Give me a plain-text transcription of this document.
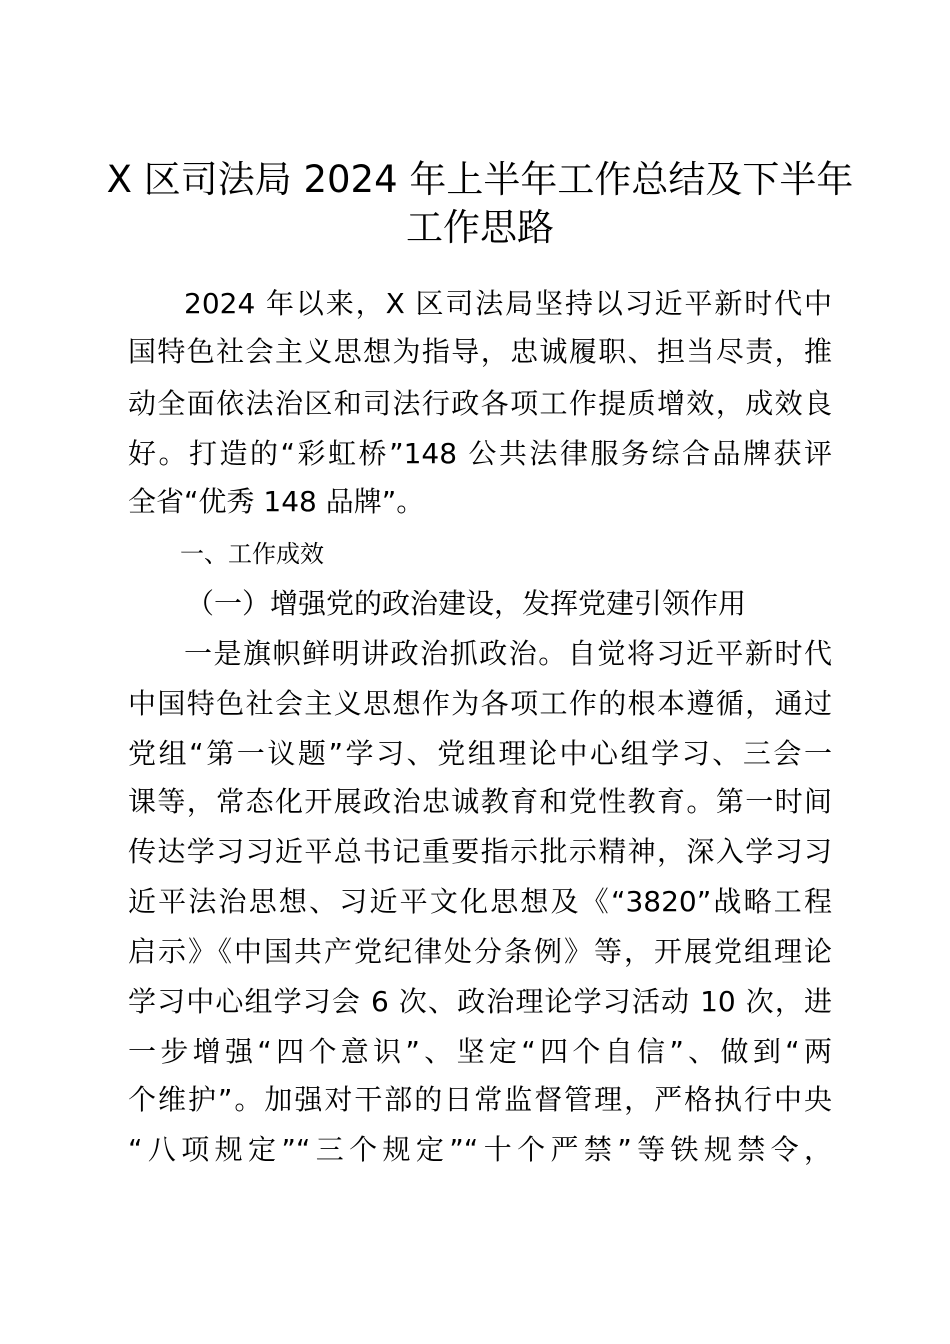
X 区司法局 2024 年上半年工作总结及下半年
工作思路
2024 年以来，X 区司法局坚持以习近平新时代中
国特色社会主义思想为指导，忠诚履职、担当尽责，推
动全面依法治区和司法行政各项工作提质增效，成效良
好。打造的“彩虹桥”148 公共法律服务综合品牌获评
全省“优秀 148 品牌”。
一、工作成效
（一）增强党的政治建设，发挥党建引领作用
一是旗帜鲜明讲政治抓政治。自觉将习近平新时代
中国特色社会主义思想作为各项工作的根本遵循，通过
党组“第一议题”学习、党组理论中心组学习、三会一
课等，常态化开展政治忠诚教育和党性教育。第一时间
传达学习习近平总书记重要指示批示精神，深入学习习
近平法治思想、习近平文化思想及《“3820”战略工程
启示》《中国共产党纪律处分条例》等，开展党组理论
学习中心组学习会 6 次、政治理论学习活动 10 次，进
一步增强“四个意识”、坚定“四个自信”、做到“两
个维护”。加强对干部的日常监督管理，严格执行中央
“八项规定”“三个规定”“十个严禁”等铁规禁令，
